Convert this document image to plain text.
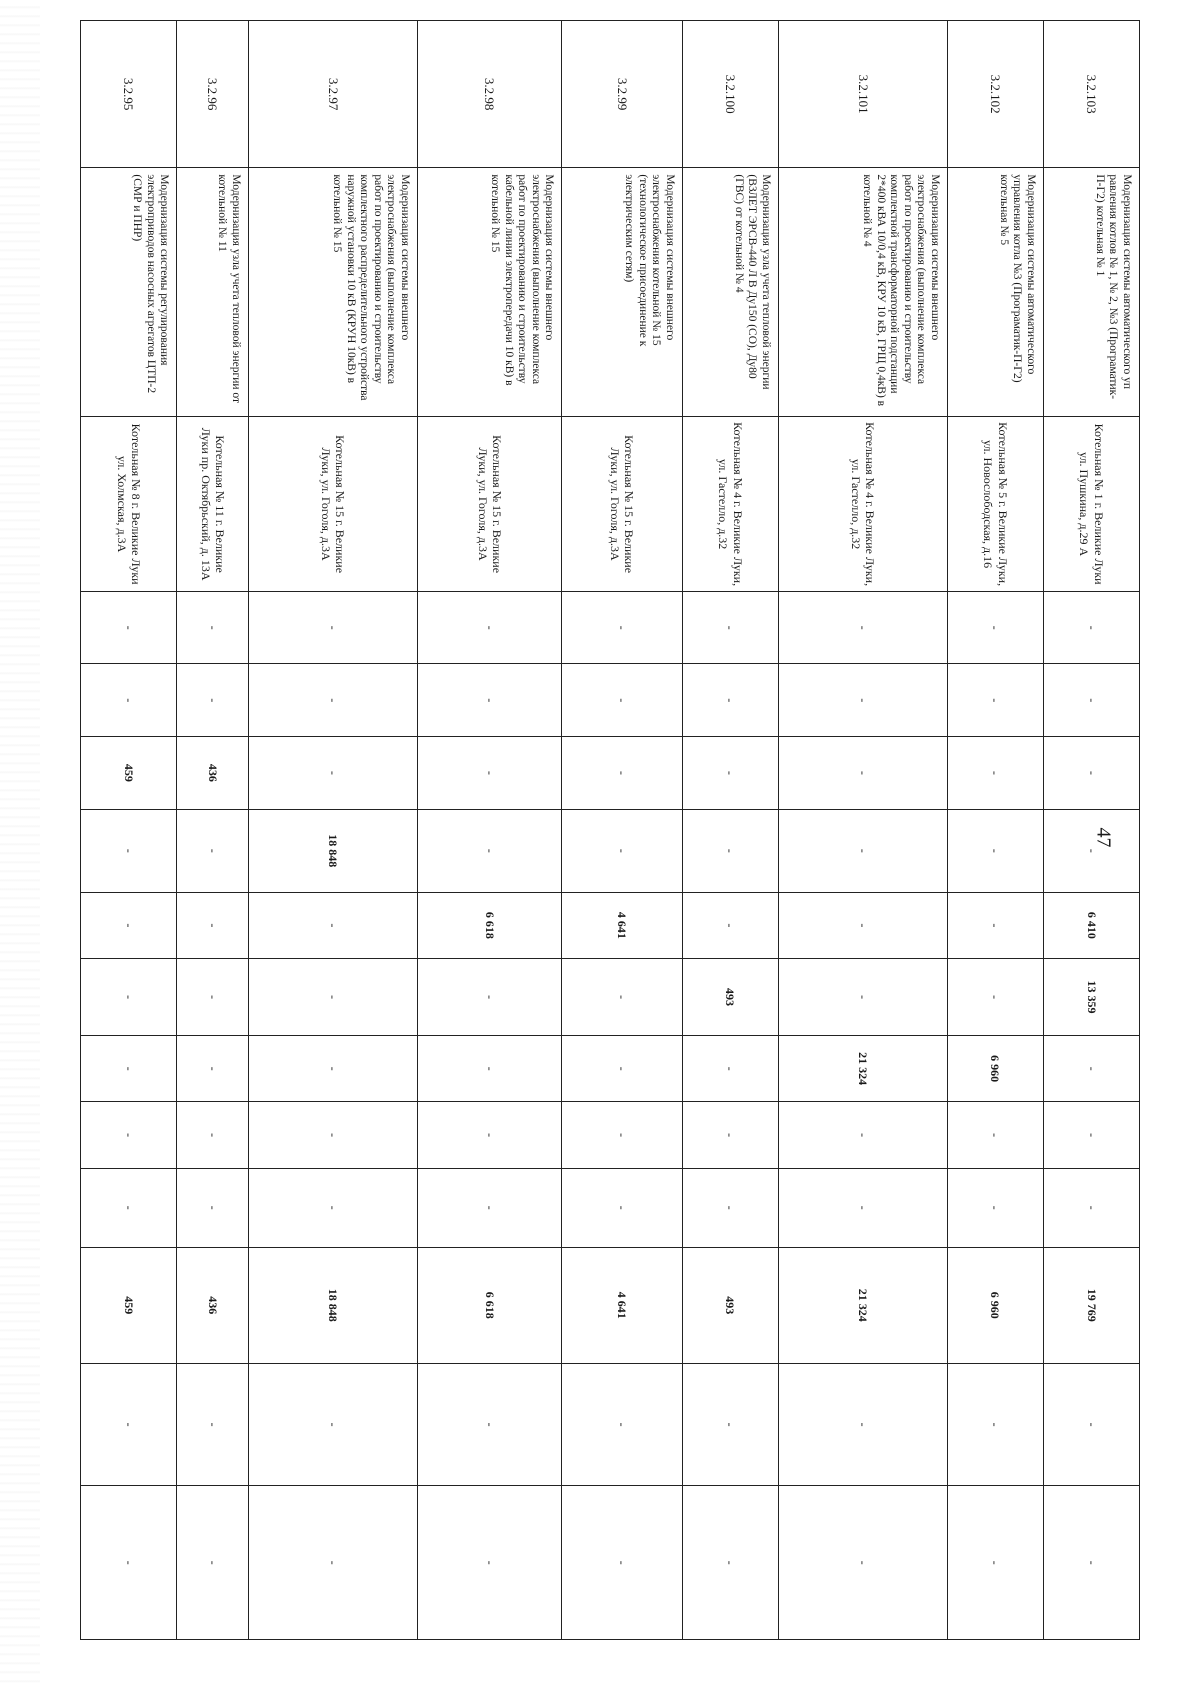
47
3.2.103	Модернизация системы автоматического уп равления котлов № 1, № 2, №3 (Програматик-П-Г2) котельная № 1	Котельная № 1 г. Великие Луки ул. Пушкина, д.29 А	-	-	-	-	6 410	13 359	-	-	-	19 769	-	-
3.2.102	Модернизация системы автоматического управления котла №3 (Програматик-П-Г2) котельная № 5	Котельная № 5 г. Великие Луки, ул. Новослободская, д.16	-	-	-	-	-	-	6 960	-	-	6 960	-	-
3.2.101	Модернизация системы внешнего электроснабжения (выполнение комплекса работ по проектированию и строительству комплектной трансформаторной подстанции 2*400 кВА 10/0,4 кВ, КРУ 10 кВ, ГРЩ 0,4кВ) в котельной № 4	Котельная № 4 г. Великие Луки, ул. Гастелло, д.32	-	-	-	-	-	-	21 324	-	-	21 324	-	-
3.2.100	Модернизация узла учета тепловой энергии (ВЗЛЕТ ЭРСВ-440 Л В Ду150 (СО), Ду80 (ГВС) от котельной № 4	Котельная № 4 г. Великие Луки, ул. Гастелло, д.32	-	-	-	-	-	493	-	-	-	493	-	-
3.2.99	Модернизация системы внешнего электроснабжения котельной № 15 (технологическое присоединение к электрическим сетям)	Котельная № 15 г. Великие Луки, ул. Гоголя, д.3А	-	-	-	-	4 641	-	-	-	-	4 641	-	-
3.2.98	Модернизация системы внешнего электроснабжения (выполнение комплекса работ по проектированию и строительству кабельной линии электропередачи 10 кВ) в котельной № 15	Котельная № 15 г. Великие Луки, ул. Гоголя, д.3А	-	-	-	-	6 618	-	-	-	-	6 618	-	-
3.2.97	Модернизация системы внешнего электроснабжения (выполнение комплекса работ по проектированию и строительству комплектного распределительного устройства наружной установки 10 кВ (КРУН 10кВ) в котельной № 15	Котельная № 15 г. Великие Луки, ул. Гоголя, д.3А	-	-	-	18 848	-	-	-	-	-	18 848	-	-
3.2.96	Модернизация узла учета тепловой энергии от котельной № 11	Котельная № 11 г. Великие Луки пр. Октябрьский, д. 13А	-	-	436	-	-	-	-	-	-	436	-	-
3.2.95	Модернизация системы регулирования электроприводов насосных агрегатов ЦТП-2 (СМР и ПНР)	Котельная № 8 г. Великие Луки ул. Холмская, д.3А	-	-	459	-	-	-	-	-	-	459	-	-
